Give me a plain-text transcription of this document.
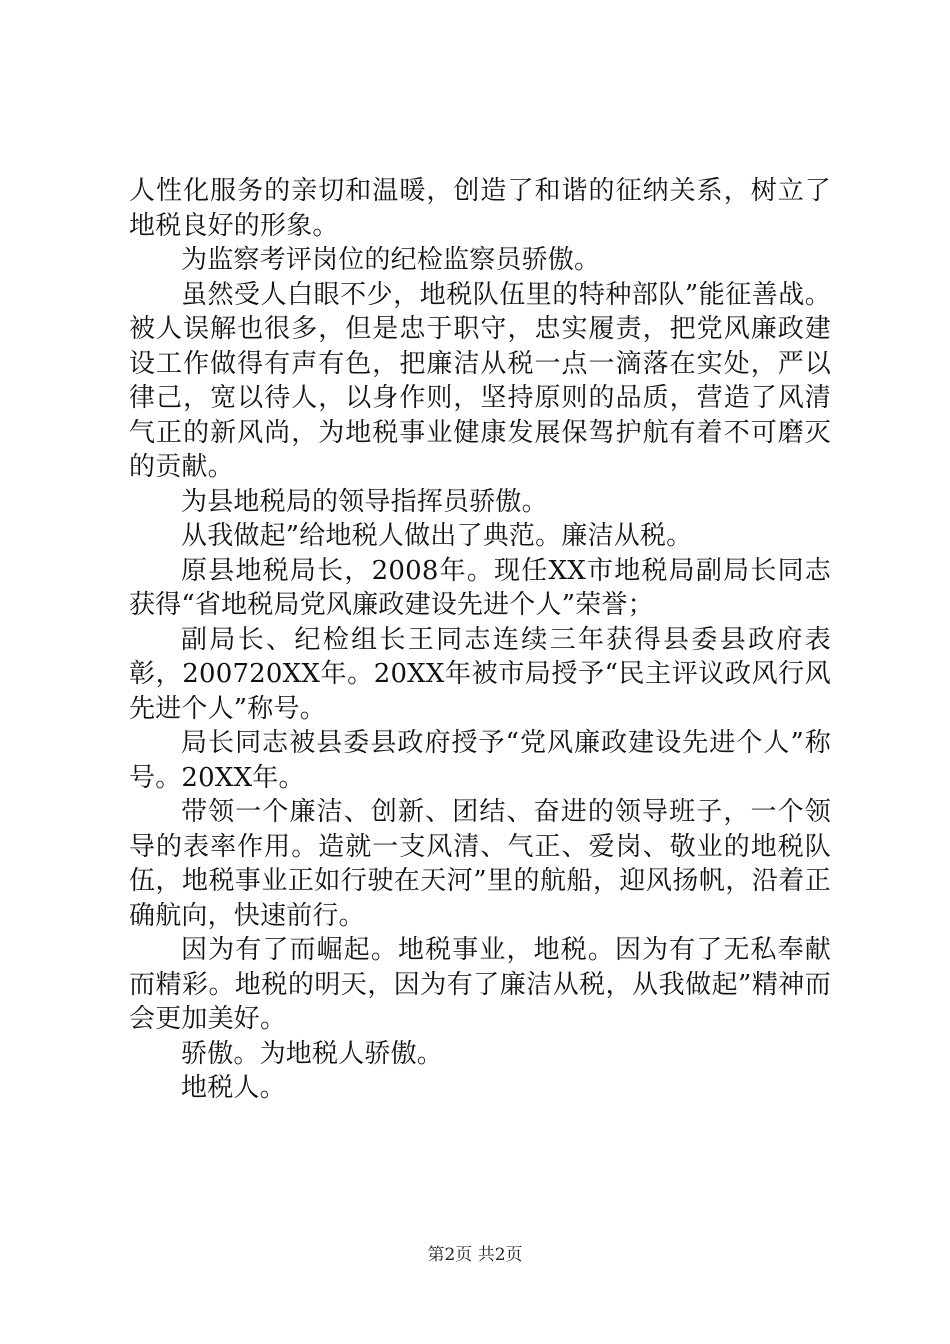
人性化服务的亲切和温暖，创造了和谐的征纳关系，树立了地税良好的形象。

为监察考评岗位的纪检监察员骄傲。

虽然受人白眼不少，地税队伍里的特种部队”能征善战。被人误解也很多，但是忠于职守，忠实履责，把党风廉政建设工作做得有声有色，把廉洁从税一点一滴落在实处，严以律己，宽以待人，以身作则，坚持原则的品质，营造了风清气正的新风尚，为地税事业健康发展保驾护航有着不可磨灭的贡献。

为县地税局的领导指挥员骄傲。

从我做起”给地税人做出了典范。廉洁从税。

原县地税局长，2008年。现任XX市地税局副局长同志获得“省地税局党风廉政建设先进个人”荣誉；

副局长、纪检组长王同志连续三年获得县委县政府表彰，200720XX年。20XX年被市局授予“民主评议政风行风先进个人”称号。

局长同志被县委县政府授予“党风廉政建设先进个人”称号。20XX年。

带领一个廉洁、创新、团结、奋进的领导班子，一个领导的表率作用。造就一支风清、气正、爱岗、敬业的地税队伍，地税事业正如行驶在天河”里的航船，迎风扬帆，沿着正确航向，快速前行。

因为有了而崛起。地税事业，地税。因为有了无私奉献而精彩。地税的明天，因为有了廉洁从税，从我做起”精神而会更加美好。

骄傲。为地税人骄傲。

地税人。

第2页 共2页
